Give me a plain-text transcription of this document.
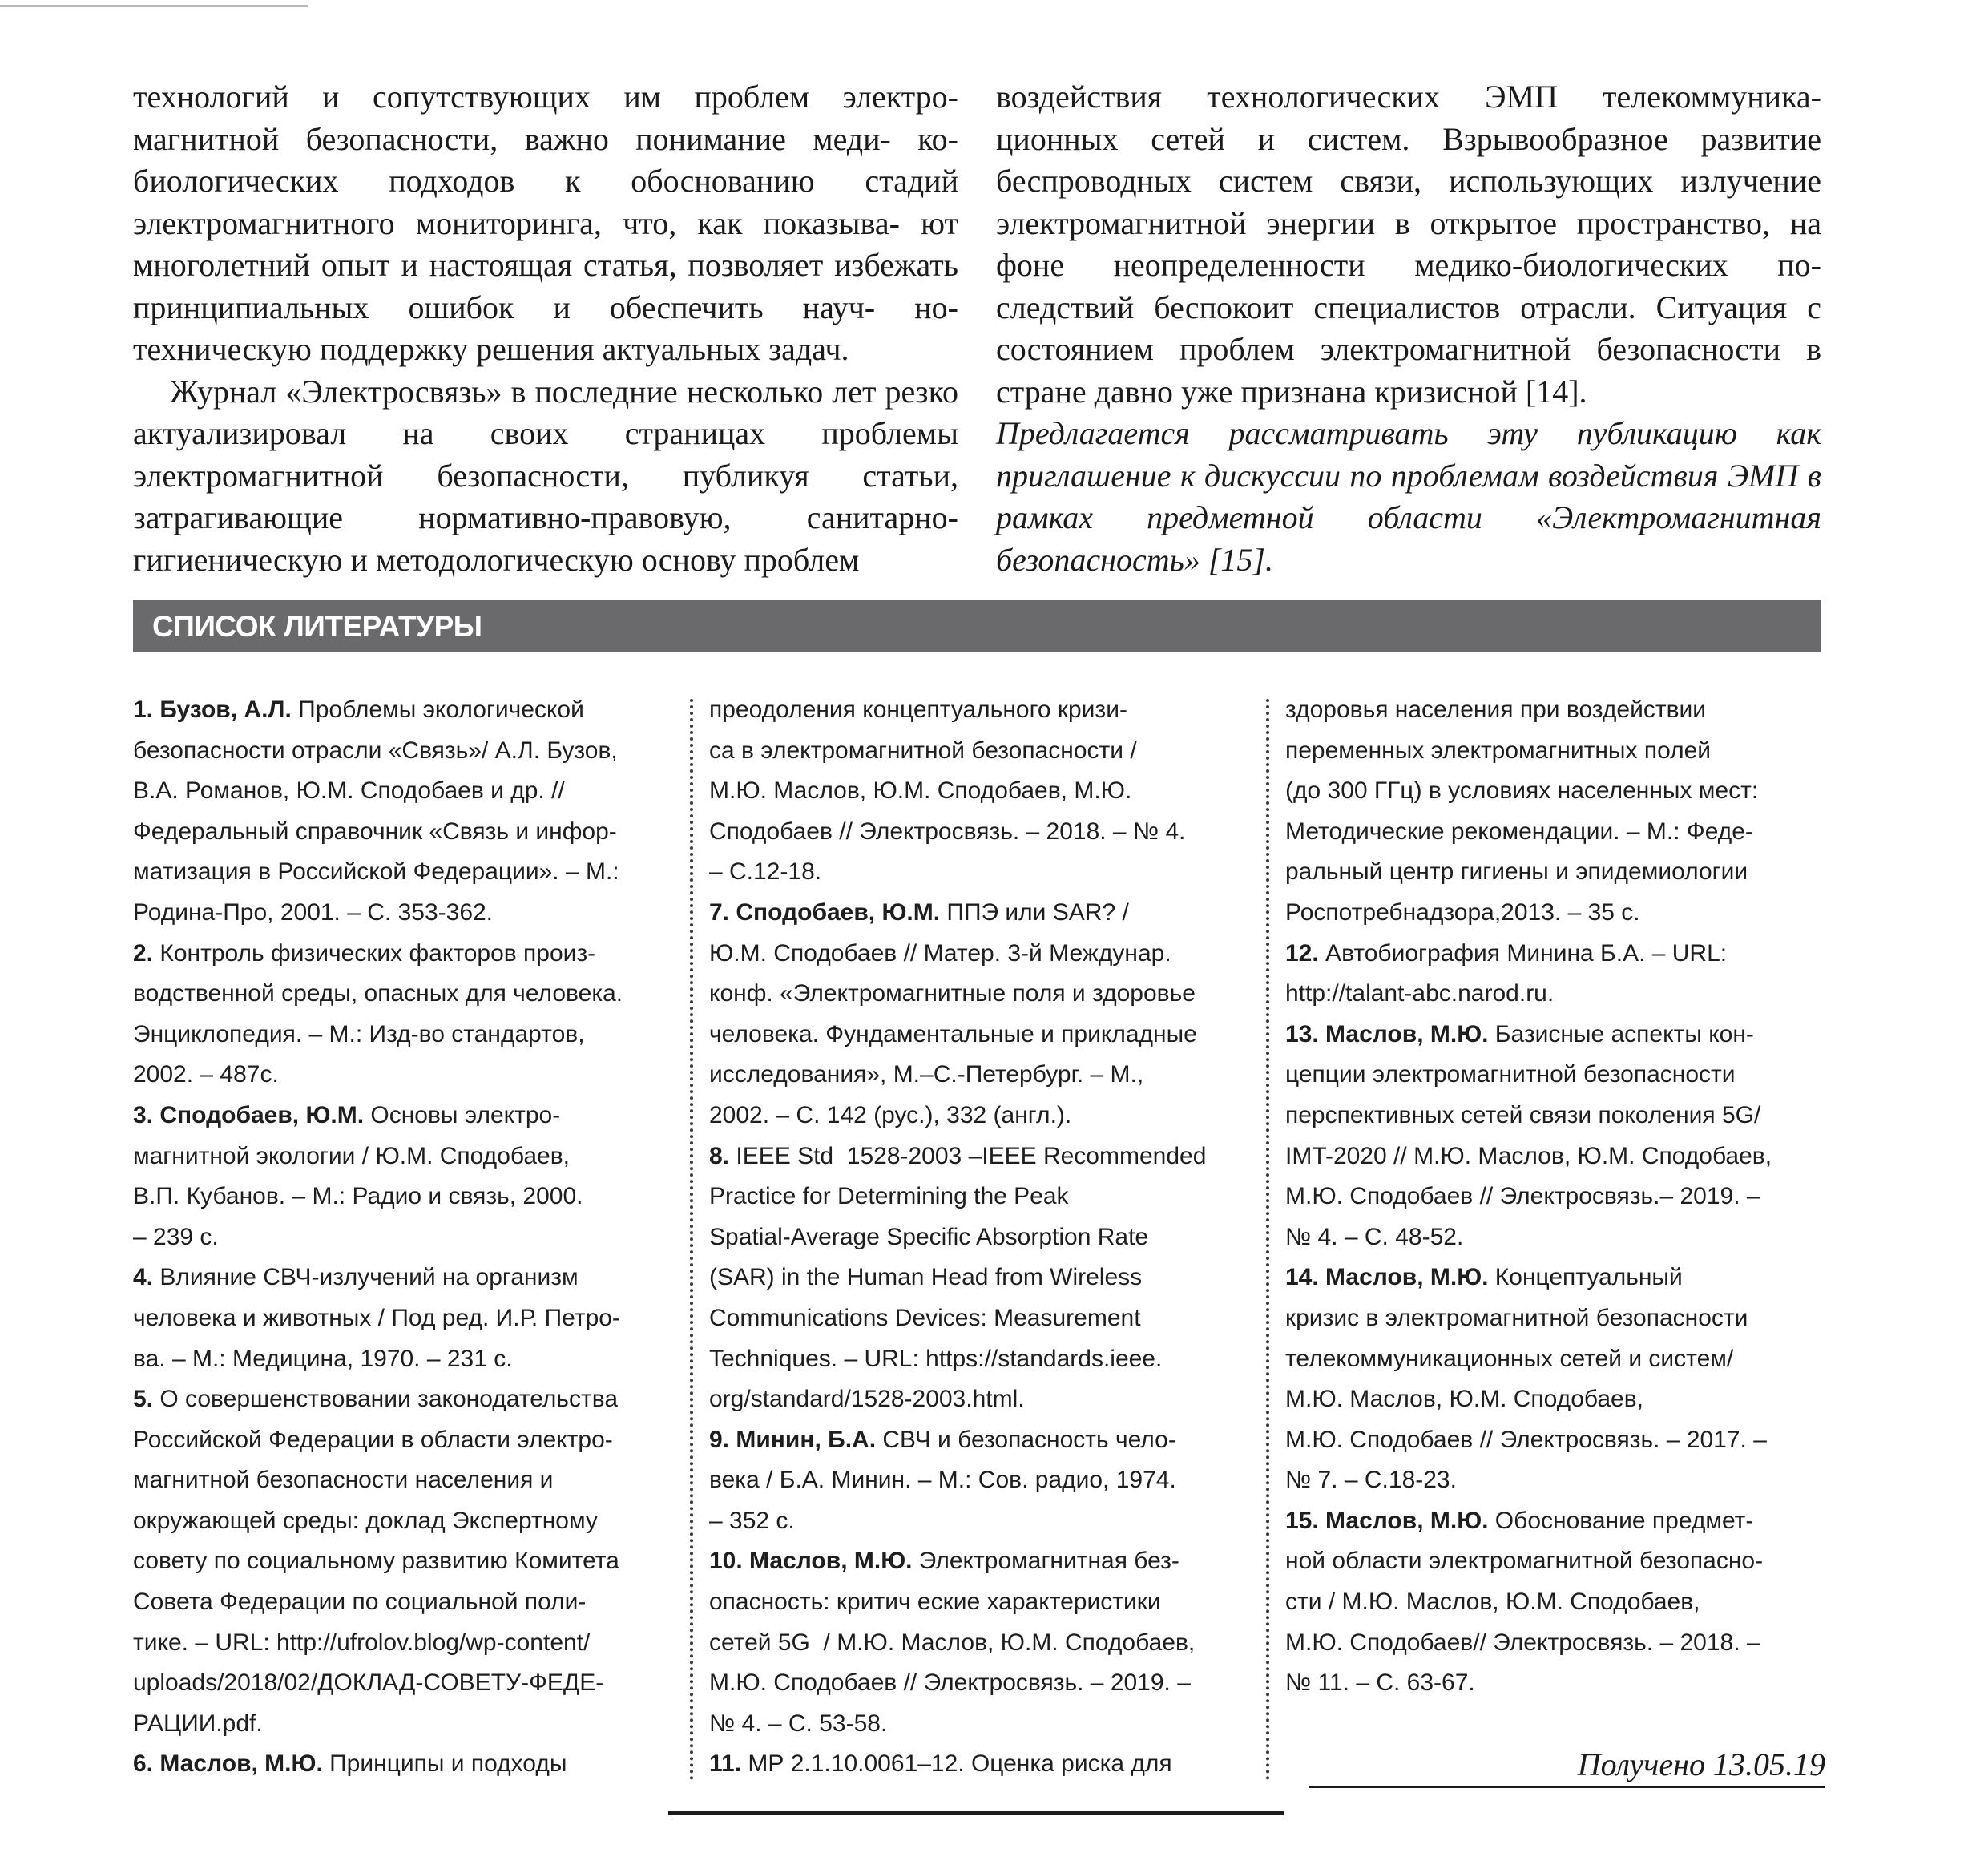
технологий и сопутствующих им проблем электро- магнитной безопасности, важно понимание меди- ко-биологических подходов к обоснованию стадий электромагнитного мониторинга, что, как показыва- ют многолетний опыт и настоящая статья, позволяет избежать принципиальных ошибок и обеспечить науч- но-техническую поддержку решения актуальных задач.

Журнал «Электросвязь» в последние несколько лет резко актуализировал на своих страницах проблемы электромагнитной безопасности, публикуя статьи, затрагивающие нормативно-правовую, санитарно- гигиеническую и методологическую основу проблем

воздействия технологических ЭМП телекоммуника- ционных сетей и систем. Взрывообразное развитие беспроводных систем связи, использующих излучение электромагнитной энергии в открытое пространство, на фоне неопределенности медико-биологических по- следствий беспокоит специалистов отрасли. Ситуация с состоянием проблем электромагнитной безопасности в стране давно уже признана кризисной [14].

Предлагается рассматривать эту публикацию как приглашение к дискуссии по проблемам воздействия ЭМП в рамках предметной области «Электромагнитная безопасность» [15].

СПИСОК ЛИТЕРАТУРЫ
1. Бузов, А.Л. Проблемы экологической
безопасности отрасли «Связь»/ А.Л. Бузов,
В.А. Романов, Ю.М. Сподобаев и др. //
Федеральный справочник «Связь и инфор-
матизация в Российской Федерации». – М.:
Родина-Про, 2001. – С. 353-362.
2. Контроль физических факторов произ-
водственной среды, опасных для человека.
Энциклопедия. – М.: Изд-во стандартов,
2002. – 487с.
3. Сподобаев, Ю.М. Основы электро-
магнитной экологии / Ю.М. Сподобаев,
В.П. Кубанов. – М.: Радио и связь, 2000.
– 239 с.
4. Влияние СВЧ-излучений на организм
человека и животных / Под ред. И.Р. Петро-
ва. – М.: Медицина, 1970. – 231 с.
5. О совершенствовании законодательства
Российской Федерации в области электро-
магнитной безопасности населения и
окружающей среды: доклад Экспертному
совету по социальному развитию Комитета
Совета Федерации по социальной поли-
тике. – URL: http://ufrolov.blog/wp-content/
uploads/2018/02/ДОКЛАД-СОВЕТУ-ФЕДЕ-
РАЦИИ.pdf.
6. Маслов, М.Ю. Принципы и подходы
преодоления концептуального кризи-
са в электромагнитной безопасности /
М.Ю. Маслов, Ю.М. Сподобаев, М.Ю.
Сподобаев // Электросвязь. – 2018. – № 4.
– С.12-18.
7. Сподобаев, Ю.М. ППЭ или SAR? /
Ю.М. Сподобаев // Матер. 3-й Междунар.
конф. «Электромагнитные поля и здоровье
человека. Фундаментальные и прикладные
исследования», М.–С.-Петербург. – М.,
2002. – С. 142 (рус.), 332 (англ.).
8. IEEE Std  1528-2003 –IEEE Recommended
Practice for Determining the Peak
Spatial-Average Specific Absorption Rate
(SAR) in the Human Head from Wireless
Communications Devices: Measurement
Techniques. – URL: https://standards.ieee.
org/standard/1528-2003.html.
9. Минин, Б.А. СВЧ и безопасность чело-
века / Б.А. Минин. – М.: Сов. радио, 1974.
– 352 с.
10. Маслов, М.Ю. Электромагнитная без-
опасность: критич еские характеристики
сетей 5G  / М.Ю. Маслов, Ю.М. Сподобаев,
М.Ю. Сподобаев // Электросвязь. – 2019. –
№ 4. – С. 53-58.
11. МР 2.1.10.0061–12. Оценка риска для
здоровья населения при воздействии
переменных электромагнитных полей
(до 300 ГГц) в условиях населенных мест:
Методические рекомендации. – М.: Феде-
ральный центр гигиены и эпидемиологии
Роспотребнадзора,2013. – 35 с.
12. Автобиография Минина Б.А. – URL:
http://talant-abc.narod.ru.
13. Маслов, М.Ю. Базисные аспекты кон-
цепции электромагнитной безопасности
перспективных сетей связи поколения 5G/
IMT-2020 // М.Ю. Маслов, Ю.М. Сподобаев,
М.Ю. Сподобаев // Электросвязь.– 2019. –
№ 4. – С. 48-52.
14. Маслов, М.Ю. Концептуальный
кризис в электромагнитной безопасности
телекоммуникационных сетей и систем/
М.Ю. Маслов, Ю.М. Сподобаев,
М.Ю. Сподобаев // Электросвязь. – 2017. –
№ 7. – С.18-23.
15. Маслов, М.Ю. Обоснование предмет-
ной области электромагнитной безопасно-
сти / М.Ю. Маслов, Ю.М. Сподобаев,
М.Ю. Сподобаев// Электросвязь. – 2018. –
№ 11. – С. 63-67.
Получено 13.05.19
